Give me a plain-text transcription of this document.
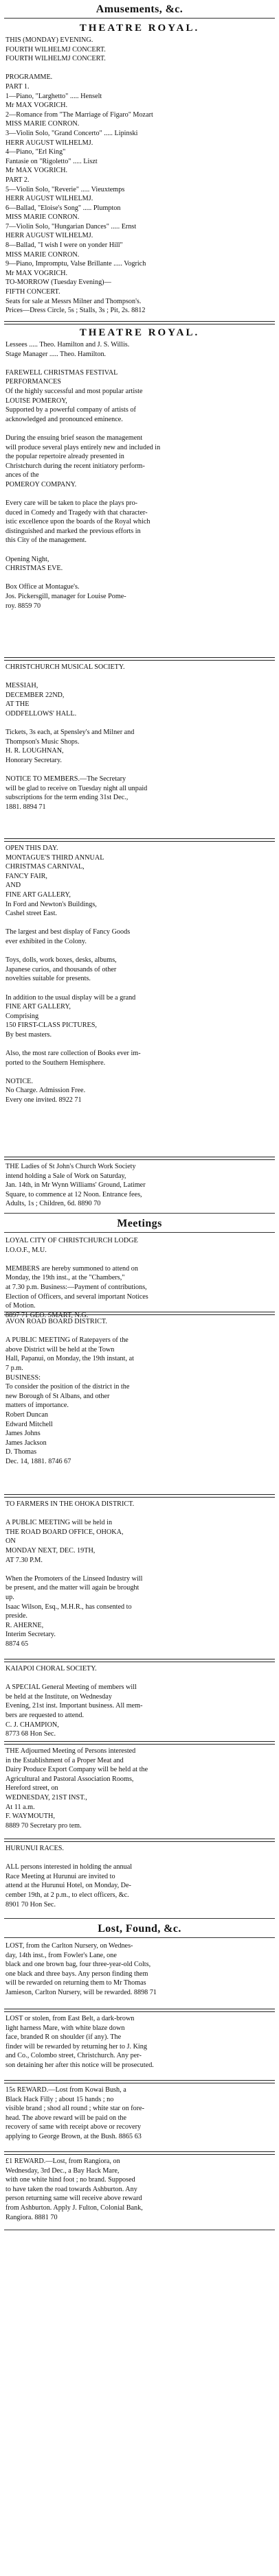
Amusements, &c.
THEATRE ROYAL.
THIS (MONDAY) EVENING.
FOURTH WILHELMJ CONCERT.
FOURTH WILHELMJ CONCERT.

PROGRAMME.
PART 1.
1—Piano, "Larghetto" ..... Henselt
Mr MAX VOGRICH.
2—Romance from "The Marriage of Figaro" Mozart
MISS MARIE CONRON.
3—Violin Solo, "Grand Concerto" ..... Lipinski
HERR AUGUST WILHELMJ.
4—Piano, "Erl King"
Fantasie on "Rigoletto" ..... Liszt
Mr MAX VOGRICH.
PART 2.
5—Violin Solo, "Reverie" ..... Vieuxtemps
HERR AUGUST WILHELMJ.
6—Ballad, "Eloise's Song" ..... Plumpton
MISS MARIE CONRON.
7—Violin Solo, "Hungarian Dances" ..... Ernst
HERR AUGUST WILHELMJ.
8—Ballad, "I wish I were on yonder Hill"
MISS MARIE CONRON.
9—Piano, Impromptu, Valse Brillante ..... Vogrich
Mr MAX VOGRICH.
TO-MORROW (Tuesday Evening)—
FIFTH CONCERT.
Seats for sale at Messrs Milner and Thompson's.
Prices—Dress Circle, 5s ; Stalls, 3s ; Pit, 2s. 8812
THEATRE ROYAL.
Lessees ..... Theo. Hamilton and J. S. Willis.
Stage Manager ..... Theo. Hamilton.

FAREWELL CHRISTMAS FESTIVAL
PERFORMANCES
Of the highly successful and most popular artiste
LOUISE POMEROY,
Supported by a powerful company of artists of
acknowledged and pronounced eminence.

During the ensuing brief season the management
will produce several plays entirely new and included in
the popular repertoire already presented in
Christchurch during the recent initiatory perform-
ances of the
POMEROY COMPANY.

Every care will be taken to place the plays pro-
duced in Comedy and Tragedy with that character-
istic excellence upon the boards of the Royal which
distinguished and marked the previous efforts in
this City of the management.

Opening Night,
CHRISTMAS EVE.

Box Office at Montague's.
Jos. Pickersgill, manager for Louise Pome-
roy. 8859 70
CHRISTCHURCH MUSICAL SOCIETY.

MESSIAH,
DECEMBER 22ND,
AT THE
ODDFELLOWS' HALL.

Tickets, 3s each, at Spensley's and Milner and
Thompson's Music Shops.
H. R. LOUGHNAN,
Honorary Secretary.

NOTICE TO MEMBERS.—The Secretary
will be glad to receive on Tuesday night all unpaid
subscriptions for the term ending 31st Dec.,
1881. 8894 71
OPEN THIS DAY.
MONTAGUE'S THIRD ANNUAL
CHRISTMAS CARNIVAL,
FANCY FAIR,
AND
FINE ART GALLERY,
In Ford and Newton's Buildings,
Cashel street East.

The largest and best display of Fancy Goods
ever exhibited in the Colony.

Toys, dolls, work boxes, desks, albums,
Japanese curios, and thousands of other
novelties suitable for presents.

In addition to the usual display will be a grand
FINE ART GALLERY,
Comprising
150 FIRST-CLASS PICTURES,
By best masters.

Also, the most rare collection of Books ever im-
ported to the Southern Hemisphere.

NOTICE.
No Charge. Admission Free.
Every one invited. 8922 71
THE Ladies of St John's Church Work Society
intend holding a Sale of Work on Saturday,
Jan. 14th, in Mr Wynn Williams' Ground, Latimer
Square, to commence at 12 Noon. Entrance fees,
Adults, 1s ; Children, 6d. 8890 70
Meetings
LOYAL CITY OF CHRISTCHURCH LODGE
I.O.O.F., M.U.

MEMBERS are hereby summoned to attend on
Monday, the 19th inst., at the "Chambers,"
at 7.30 p.m. Business:—Payment of contributions,
Election of Officers, and several important Notices
of Motion.
8897 71 GEO. SMART, N.G.
AVON ROAD BOARD DISTRICT.

A PUBLIC MEETING of Ratepayers of the
above District will be held at the Town
Hall, Papanui, on Monday, the 19th instant, at
7 p.m.
BUSINESS:
To consider the position of the district in the
new Borough of St Albans, and other
matters of importance.
Robert Duncan
Edward Mitchell
James Johns
James Jackson
D. Thomas
Dec. 14, 1881. 8746 67
TO FARMERS IN THE OHOKA DISTRICT.

A PUBLIC MEETING will be held in
THE ROAD BOARD OFFICE, OHOKA,
ON
MONDAY NEXT, DEC. 19TH,
AT 7.30 P.M.

When the Promoters of the Linseed Industry will
be present, and the matter will again be brought
up.
Isaac Wilson, Esq., M.H.R., has consented to
preside.
R. AHERNE,
Interim Secretary.
8874 65
KAIAPOI CHORAL SOCIETY.

A SPECIAL General Meeting of members will
be held at the Institute, on Wednesday
Evening, 21st inst. Important business. All mem-
bers are requested to attend.
C. J. CHAMPION,
8773 68 Hon Sec.
THE Adjourned Meeting of Persons interested
in the Establishment of a Proper Meat and
Dairy Produce Export Company will be held at the
Agricultural and Pastoral Association Rooms,
Hereford street, on
WEDNESDAY, 21ST INST.,
At 11 a.m.
F. WAYMOUTH,
8889 70 Secretary pro tem.
HURUNUI RACES.

ALL persons interested in holding the annual
Race Meeting at Hurunui are invited to
attend at the Hurunui Hotel, on Monday, De-
cember 19th, at 2 p.m., to elect officers, &c.
8901 70 Hon Sec.
Lost, Found, &c.
LOST, from the Carlton Nursery, on Wednes-
day, 14th inst., from Fowler's Lane, one
black and one brown bag, four three-year-old Colts,
one black and three bays. Any person finding them
will be rewarded on returning them to Mr Thomas
Jamieson, Carlton Nursery, will be rewarded. 8898 71
LOST or stolen, from East Belt, a dark-brown
light harness Mare, with white blaze down
face, branded R on shoulder (if any). The
finder will be rewarded by returning her to J. King
and Co., Colombo street, Christchurch. Any per-
son detaining her after this notice will be prosecuted.
15s REWARD.—Lost from Kowai Bush, a
Black Hack Filly ; about 15 hands ; no
visible brand ; shod all round ; white star on fore-
head. The above reward will be paid on the
recovery of same with receipt above or recovery
applying to George Brown, at the Bush. 8865 63
£1 REWARD.—Lost, from Rangiora, on
Wednesday, 3rd Dec., a Bay Hack Mare,
with one white hind foot ; no brand. Supposed
to have taken the road towards Ashburton. Any
person returning same will receive above reward
from Ashburton. Apply J. Fulton, Colonial Bank,
Rangiora. 8881 70
